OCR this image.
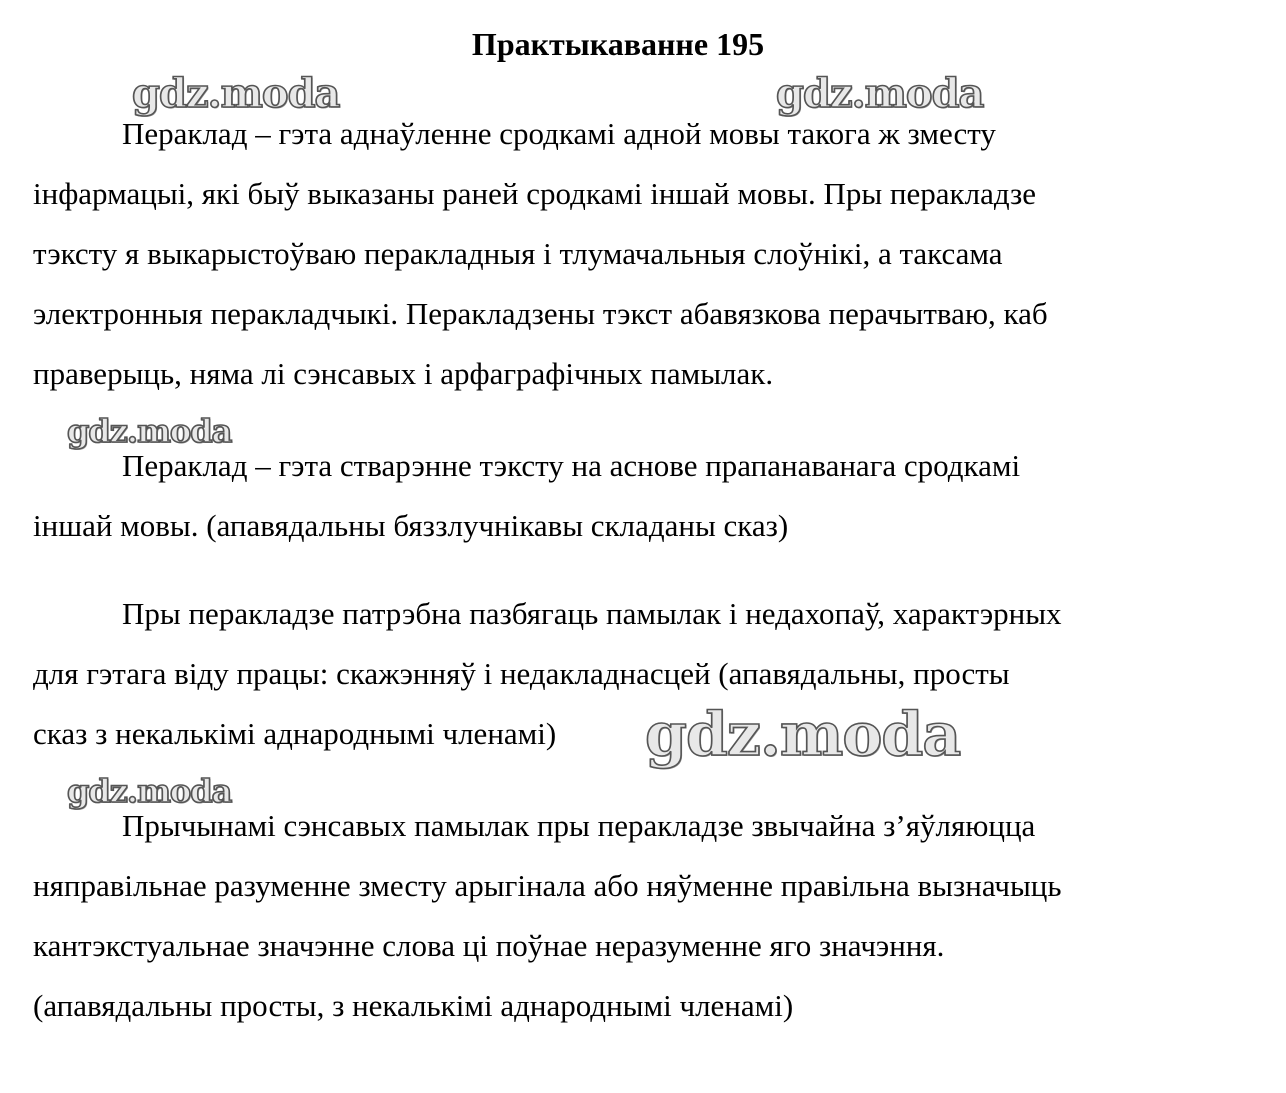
Практыкаванне 195
gdz.moda	gdz.moda
gdz.moda
gdz.moda
gdz.moda
Пераклад – гэта аднаўленне сродкамі адной мовы такога ж зместу
інфармацыі, які быў выказаны раней сродкамі іншай мовы. Пры перакладзе
тэксту я выкарыстоўваю перакладныя і тлумачальныя слоўнікі, а таксама
электронныя перакладчыкі. Перакладзены тэкст абавязкова перачытваю, каб
праверыць, няма лі сэнсавых і арфаграфічных памылак.
Пераклад – гэта стварэнне тэксту на аснове прапанаванага сродкамі
іншай мовы. (апавядальны бяззлучнікавы складаны сказ)
Пры перакладзе патрэбна пазбягаць памылак і недахопаў, характэрных
для гэтага віду працы: скажэнняў і недакладнасцей (апавядальны, просты
сказ з некалькімі аднароднымі членамі)
Прычынамі сэнсавых памылак пры перакладзе звычайна з’яўляюцца
няправільнае разуменне зместу арыгінала або няўменне правільна вызначыць
кантэкстуальнае значэнне слова ці поўнае неразуменне яго значэння.
(апавядальны просты, з некалькімі аднароднымі членамі)
